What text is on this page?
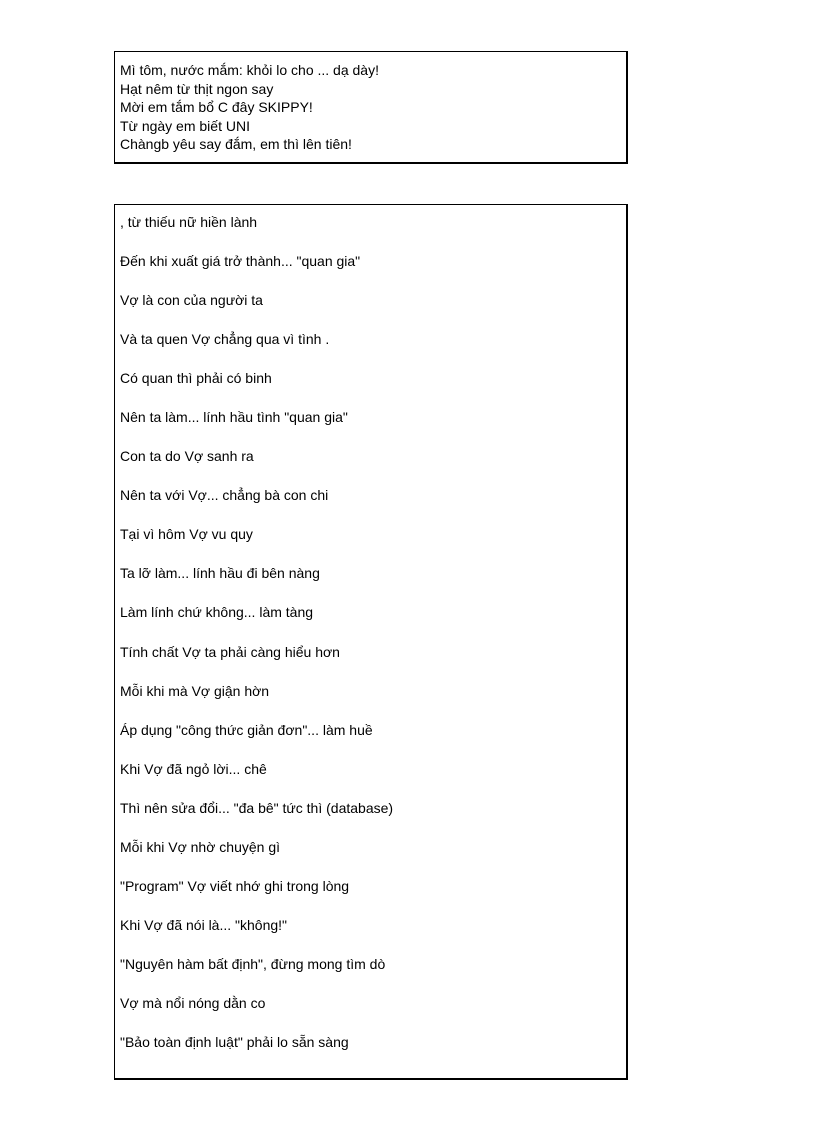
Mì tôm, nước mắm: khỏi lo cho ... dạ dày!
Hạt nêm từ thịt ngon say
Mời em tắm bổ C đây SKIPPY!
Từ ngày em biết UNI
Chàngb yêu say đắm, em thì lên tiên!
, từ thiếu nữ hiền lành
Đến khi xuất giá trở thành... "quan gia"
Vợ là con của người ta
Và ta quen Vợ chẳng qua vì tình .
Có quan thì phải có binh
Nên ta làm... lính hầu tình "quan gia"
Con ta do Vợ sanh ra
Nên ta với Vợ... chẳng bà con chi
Tại vì hôm Vợ vu quy
Ta lỡ làm... lính hầu đi bên nàng
Làm lính chứ không... làm tàng
Tính chất Vợ ta phải càng hiểu hơn
Mỗi khi mà Vợ giận hờn
Áp dụng "công thức giản đơn"... làm huề
Khi Vợ đã ngỏ lời... chê
Thì nên sửa đổi... "đa bê" tức thì (database)
Mỗi khi Vợ nhờ chuyện gì
"Program" Vợ viết nhớ ghi trong lòng
Khi Vợ đã nói là... "không!"
"Nguyên hàm bất định", đừng mong tìm dò
Vợ mà nổi nóng dằn co
"Bảo toàn định luật" phải lo sẵn sàng
